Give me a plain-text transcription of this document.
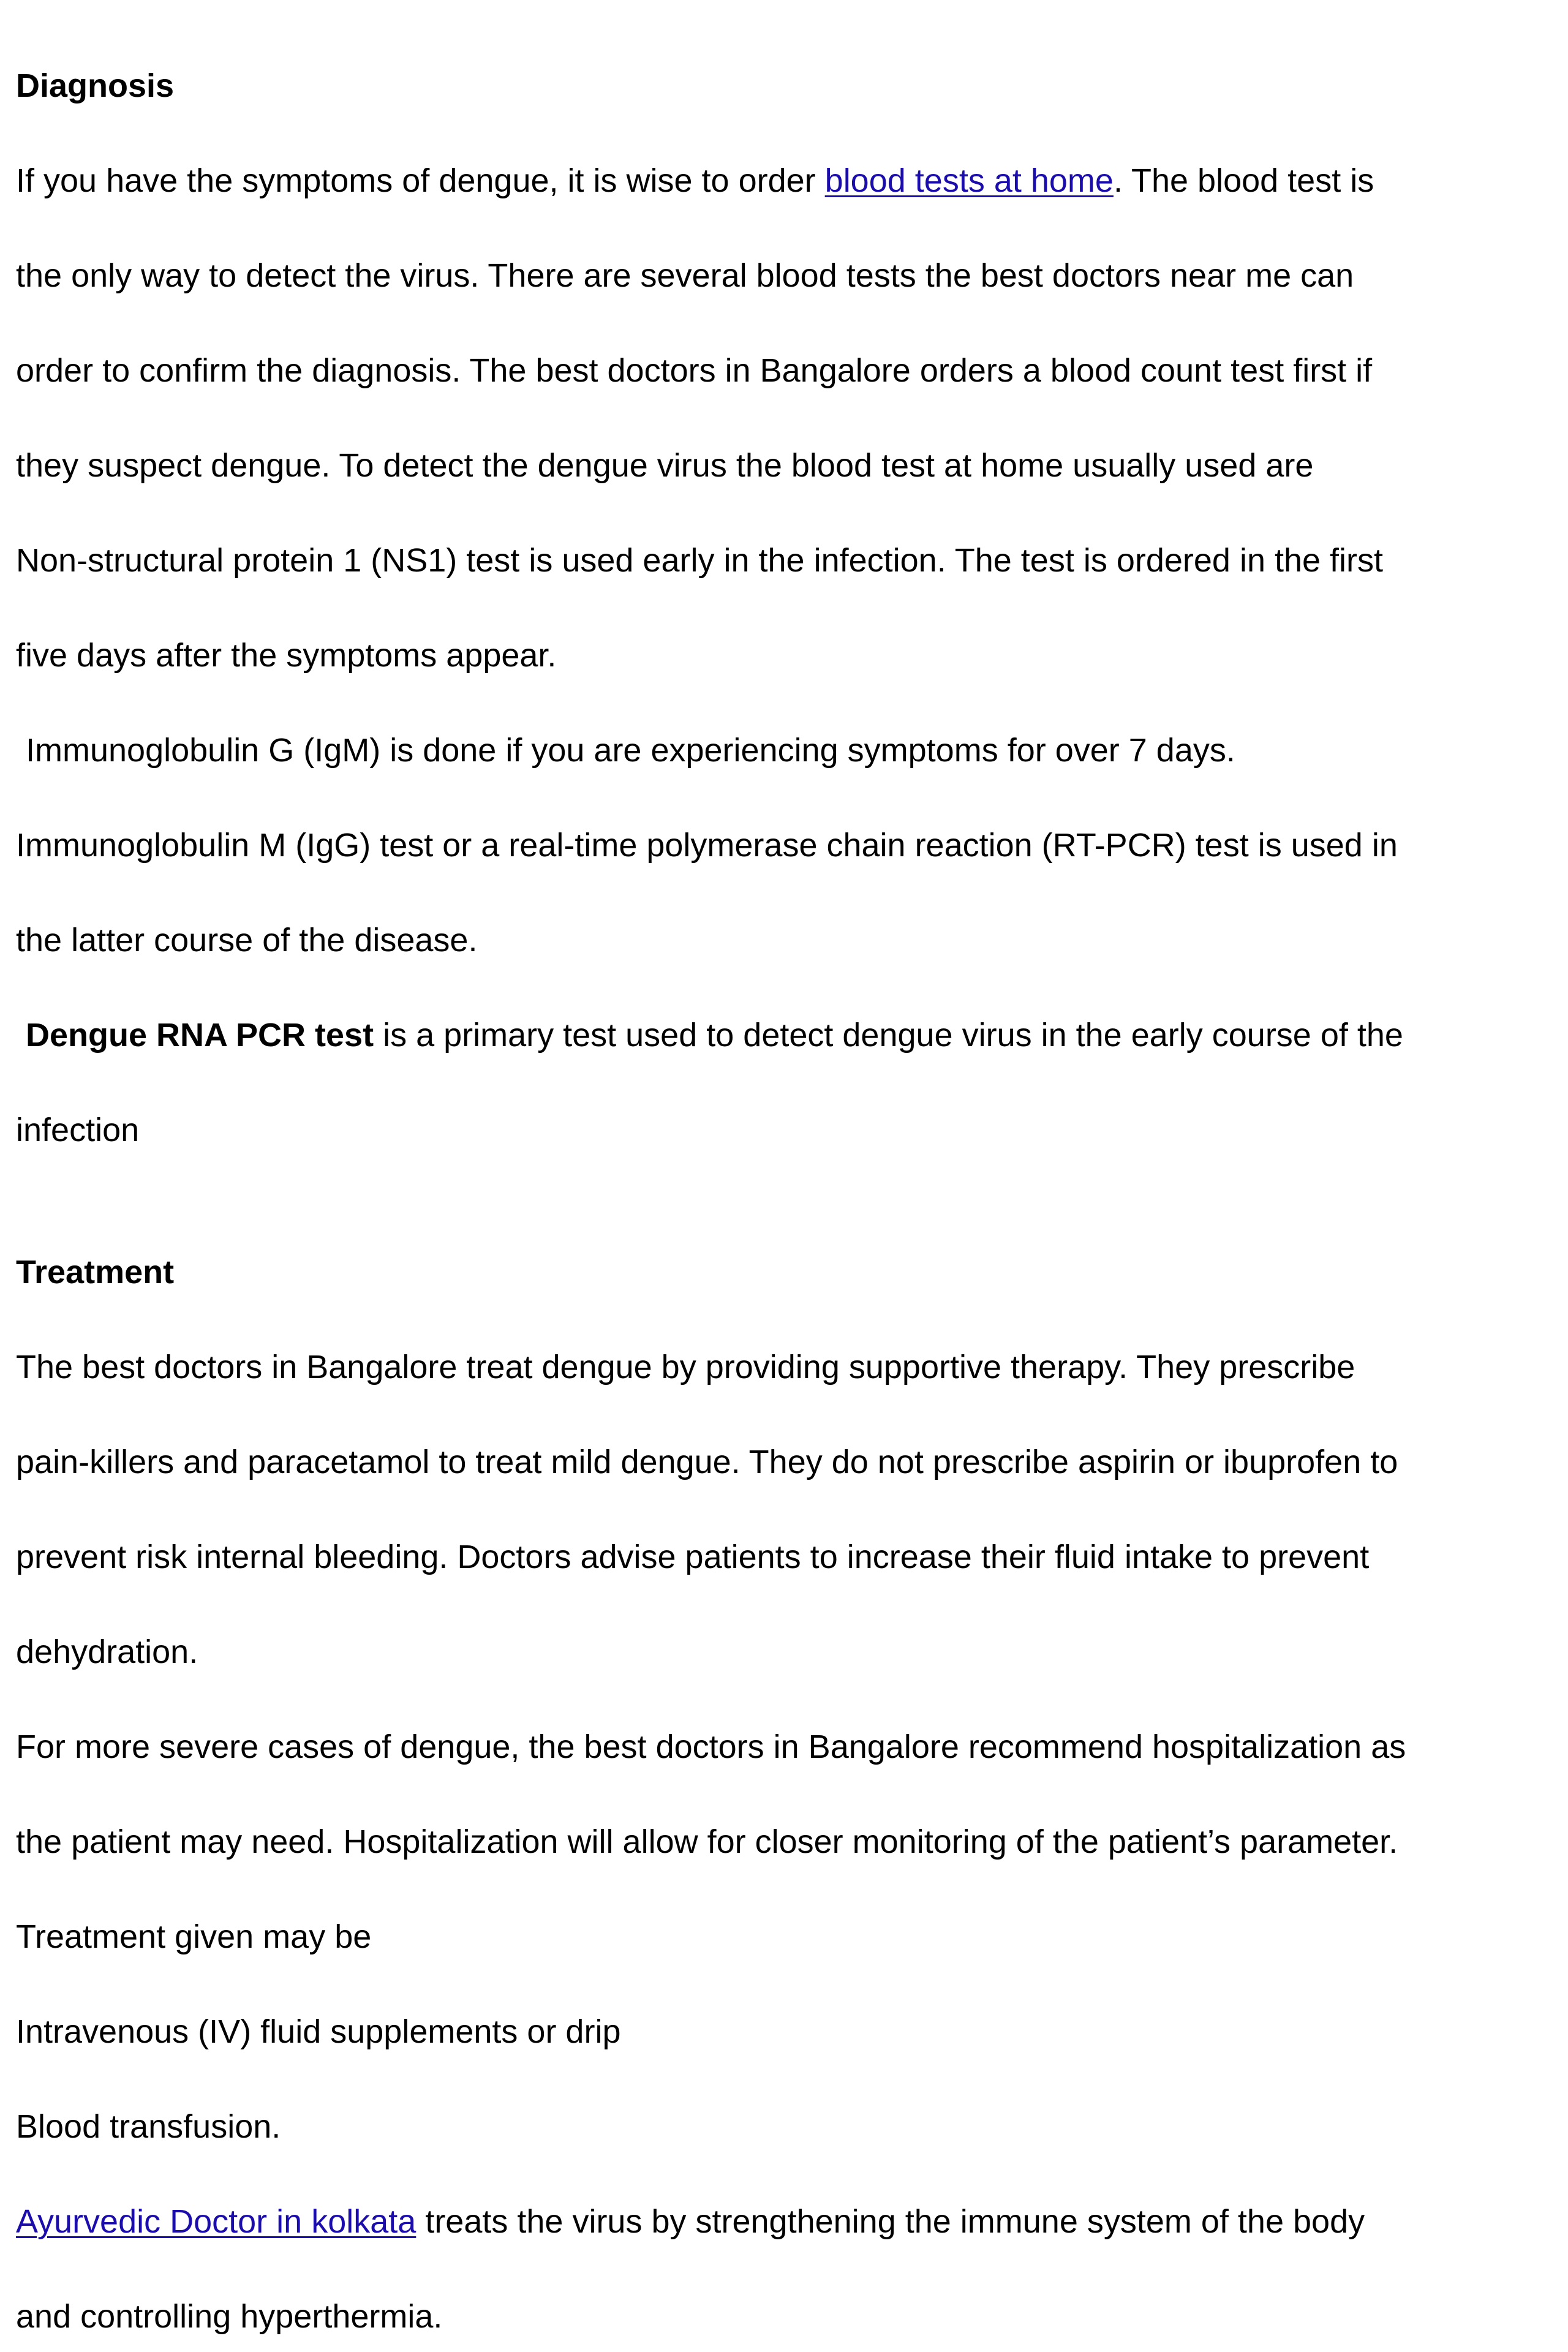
Diagnosis

If you have the symptoms of dengue, it is wise to order blood tests at home. The blood test is

the only way to detect the virus. There are several blood tests the best doctors near me can

order to confirm the diagnosis. The best doctors in Bangalore orders a blood count test first if

they suspect dengue. To detect the dengue virus the blood test at home usually used are

Non-structural protein 1 (NS1) test is used early in the infection. The test is ordered in the first

five days after the symptoms appear.

Immunoglobulin G (IgM) is done if you are experiencing symptoms for over 7 days.

Immunoglobulin M (IgG) test or a real-time polymerase chain reaction (RT-PCR) test is used in

the latter course of the disease.

Dengue RNA PCR test is a primary test used to detect dengue virus in the early course of the

infection

Treatment

The best doctors in Bangalore treat dengue by providing supportive therapy. They prescribe

pain-killers and paracetamol to treat mild dengue. They do not prescribe aspirin or ibuprofen to

prevent risk internal bleeding. Doctors advise patients to increase their fluid intake to prevent

dehydration.

For more severe cases of dengue, the best doctors in Bangalore recommend hospitalization as

the patient may need. Hospitalization will allow for closer monitoring of the patient’s parameter.

Treatment given may be

Intravenous (IV) fluid supplements or drip

Blood transfusion.

Ayurvedic Doctor in kolkata treats the virus by strengthening the immune system of the body

and controlling hyperthermia.
